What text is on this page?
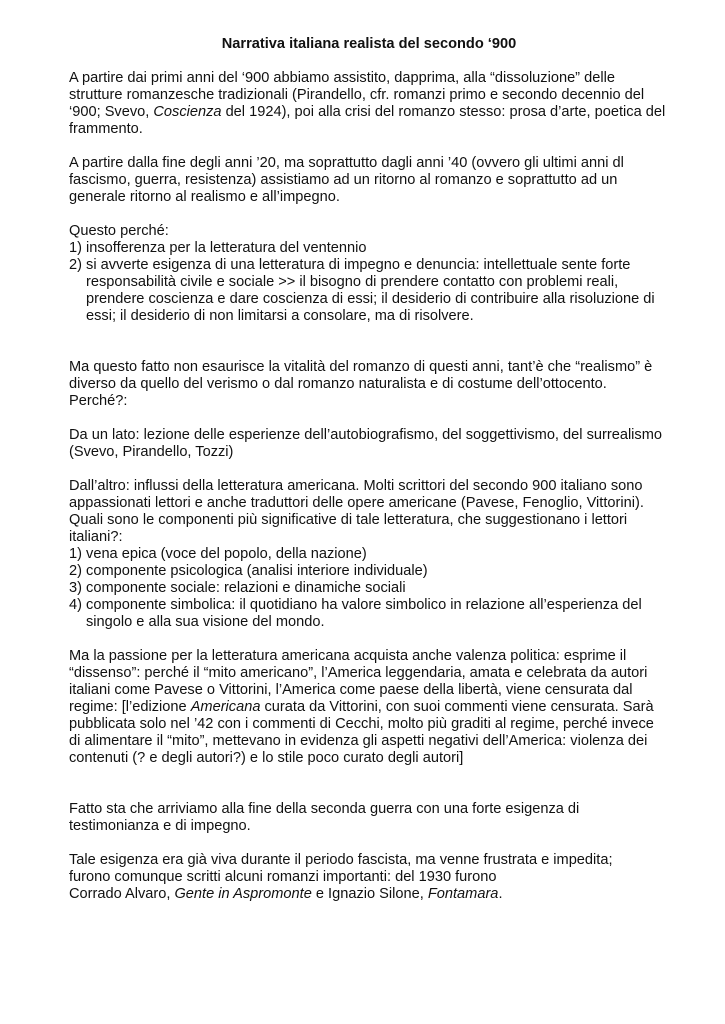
Narrativa italiana realista del secondo ‘900

A partire dai primi anni del ‘900 abbiamo assistito, dapprima, alla “dissoluzione” delle strutture romanzesche tradizionali (Pirandello, cfr. romanzi primo e secondo decennio del ‘900; Svevo, Coscienza del 1924), poi alla crisi del romanzo stesso: prosa d’arte, poetica del frammento.

A partire dalla fine degli anni ’20, ma soprattutto dagli anni ’40 (ovvero gli ultimi anni dl fascismo, guerra, resistenza) assistiamo ad un ritorno al romanzo e soprattutto ad un generale ritorno al realismo e all’impegno.

Questo perché:

1) insofferenza per la letteratura del ventennio
2) si avverte esigenza di una letteratura di impegno e denuncia: intellettuale sente forte responsabilità civile e sociale >> il bisogno di prendere contatto con problemi reali, prendere coscienza e dare coscienza di essi; il desiderio di contribuire alla risoluzione di essi; il desiderio di non limitarsi a consolare, ma di risolvere.

Ma questo fatto non esaurisce la vitalità del romanzo di questi anni, tant’è che “realismo” è diverso da quello del verismo o dal romanzo naturalista e di costume dell’ottocento. Perché?:

Da un lato: lezione delle esperienze dell’autobiografismo, del soggettivismo, del surrealismo (Svevo, Pirandello, Tozzi)

Dall’altro: influssi della letteratura americana. Molti scrittori del secondo 900 italiano sono appassionati lettori e anche traduttori delle opere americane (Pavese, Fenoglio, Vittorini). Quali sono le componenti più significative di tale letteratura, che suggestionano i lettori italiani?:

1) vena epica (voce del popolo, della nazione)
2) componente psicologica (analisi interiore individuale)
3) componente sociale: relazioni e dinamiche sociali
4) componente simbolica: il quotidiano ha valore simbolico in relazione all’esperienza del singolo e alla sua visione del mondo.

Ma la passione per la letteratura americana acquista anche valenza politica: esprime il “dissenso”: perché il “mito americano”, l’America leggendaria, amata e celebrata da autori italiani come Pavese o Vittorini, l’America come paese della libertà, viene censurata dal regime: [l’edizione Americana curata da Vittorini, con suoi commenti viene censurata. Sarà pubblicata solo nel ’42 con i commenti di Cecchi, molto più graditi al regime, perché invece di alimentare il “mito”, mettevano in evidenza gli aspetti negativi dell’America: violenza dei contenuti (? e degli autori?) e lo stile poco curato degli autori]

Fatto sta che arriviamo alla fine della seconda guerra con una forte esigenza di testimonianza e di impegno.

Tale esigenza era già viva durante il periodo fascista, ma venne frustrata e impedita;
furono comunque scritti alcuni romanzi importanti: del 1930 furono
Corrado Alvaro, Gente in Aspromonte e Ignazio Silone, Fontamara.
